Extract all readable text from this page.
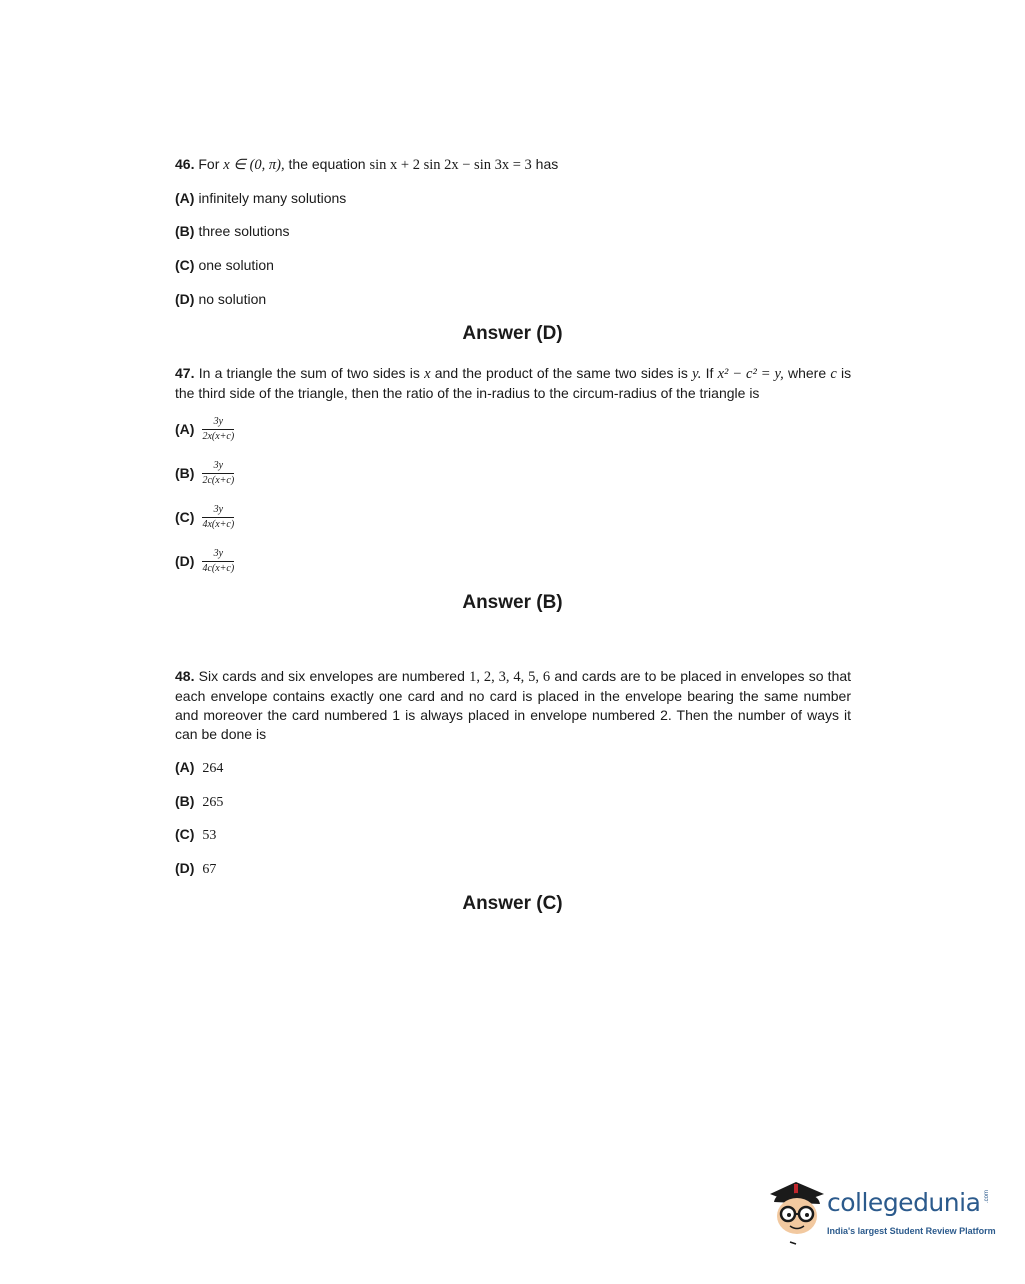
46. For x ∈ (0, π), the equation sin x + 2 sin 2x − sin 3x = 3 has
(A) infinitely many solutions
(B) three solutions
(C) one solution
(D) no solution
Answer (D)
47. In a triangle the sum of two sides is x and the product of the same two sides is y. If x² − c² = y, where c is the third side of the triangle, then the ratio of the in-radius to the circum-radius of the triangle is
$(A) \frac{3y}{2x(x+c)}$
$(B) \frac{3y}{2c(x+c)}$
$(C) \frac{3y}{4x(x+c)}$
$(D) \frac{3y}{4c(x+c)}$
Answer (B)
48. Six cards and six envelopes are numbered 1, 2, 3, 4, 5, 6 and cards are to be placed in envelopes so that each envelope contains exactly one card and no card is placed in the envelope bearing the same number and moreover the card numbered 1 is always placed in envelope numbered 2. Then the number of ways it can be done is
(A) 264
(B) 265
(C) 53
(D) 67
Answer (C)
collegedunia .com
India's largest Student Review Platform
